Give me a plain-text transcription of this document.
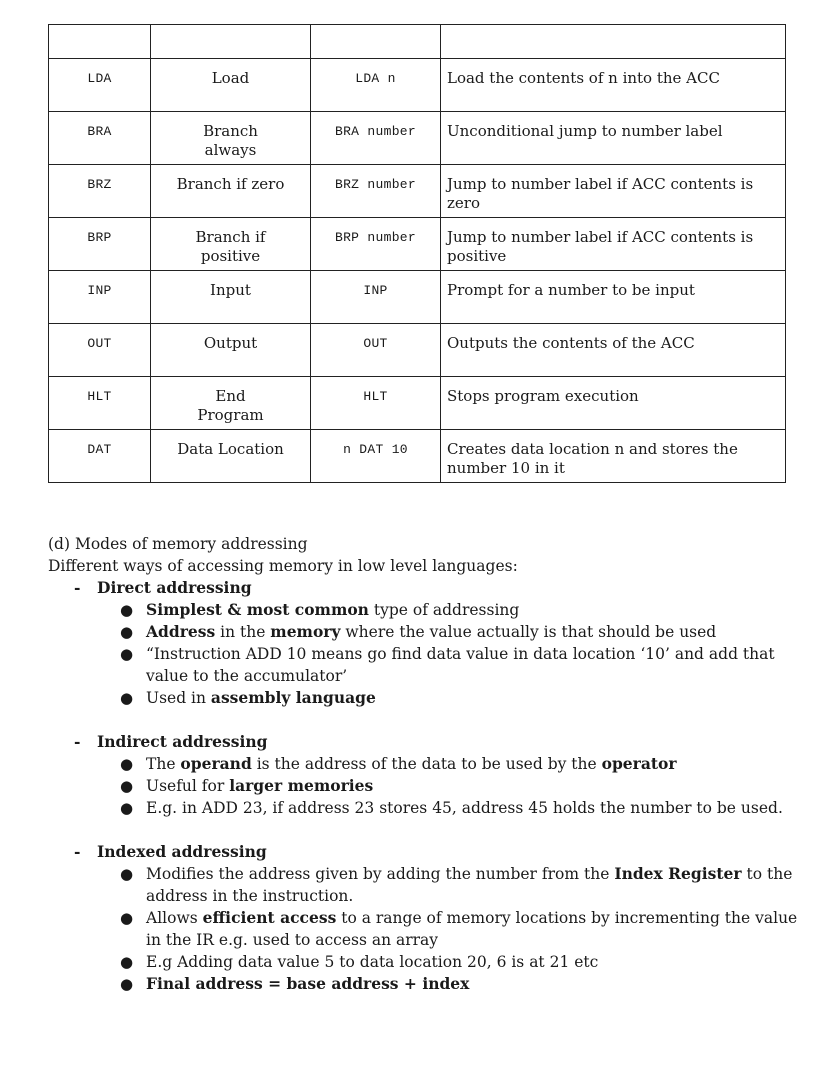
LDA	Load	LDA n	Load the contents of n into the ACC

BRA	Branch always	BRA number	Unconditional jump to number label

BRZ	Branch if zero	BRZ number	Jump to number label if ACC contents is zero

BRP	Branch if positive	BRP number	Jump to number label if ACC contents is positive

INP	Input	INP	Prompt for a number to be input

OUT	Output	OUT	Outputs the contents of the ACC

HLT	End Program	HLT	Stops program execution

DAT	Data Location	n DAT 10	Creates data location n and stores the number 10 in it

(d) Modes of memory addressing

Different ways of accessing memory in low level languages:

- Direct addressing
● Simplest & most common type of addressing
● Address in the memory where the value actually is that should be used
● “Instruction ADD 10 means go find data value in data location ‘10’ and add that value to the accumulator’
● Used in assembly language
- Indirect addressing
● The operand is the address of the data to be used by the operator
● Useful for larger memories
● E.g. in ADD 23, if address 23 stores 45, address 45 holds the number to be used.
- Indexed addressing
● Modifies the address given by adding the number from the Index Register to the address in the instruction.
● Allows efficient access to a range of memory locations by incrementing the value in the IR e.g. used to access an array
● E.g Adding data value 5 to data location 20, 6 is at 21 etc
● Final address = base address + index
